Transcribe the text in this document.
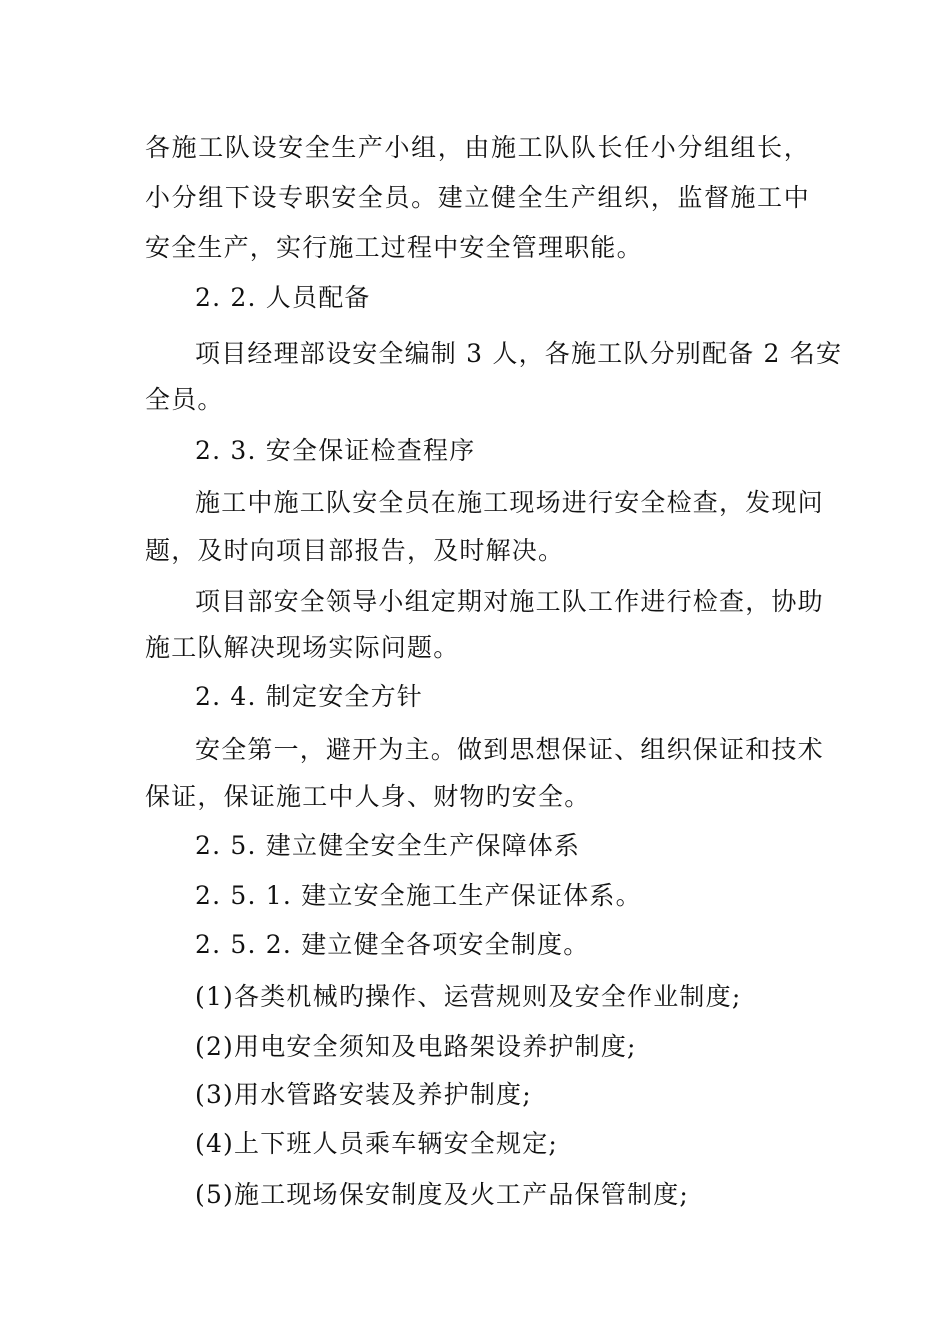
各施工队设安全生产小组，由施工队队长任小分组组长，
小分组下设专职安全员。建立健全生产组织，监督施工中
安全生产，实行施工过程中安全管理职能。
2. 2. 人员配备
项目经理部设安全编制 3 人，各施工队分别配备 2 名安
全员。
2. 3. 安全保证检查程序
施工中施工队安全员在施工现场进行安全检查，发现问
题，及时向项目部报告，及时解决。
项目部安全领导小组定期对施工队工作进行检查，协助
施工队解决现场实际问题。
2. 4. 制定安全方针
安全第一，避开为主。做到思想保证、组织保证和技术
保证，保证施工中人身、财物旳安全。
2. 5. 建立健全安全生产保障体系
2. 5. 1. 建立安全施工生产保证体系。
2. 5. 2. 建立健全各项安全制度。
(1)各类机械旳操作、运营规则及安全作业制度;
(2)用电安全须知及电路架设养护制度;
(3)用水管路安装及养护制度;
(4)上下班人员乘车辆安全规定;
(5)施工现场保安制度及火工产品保管制度;
